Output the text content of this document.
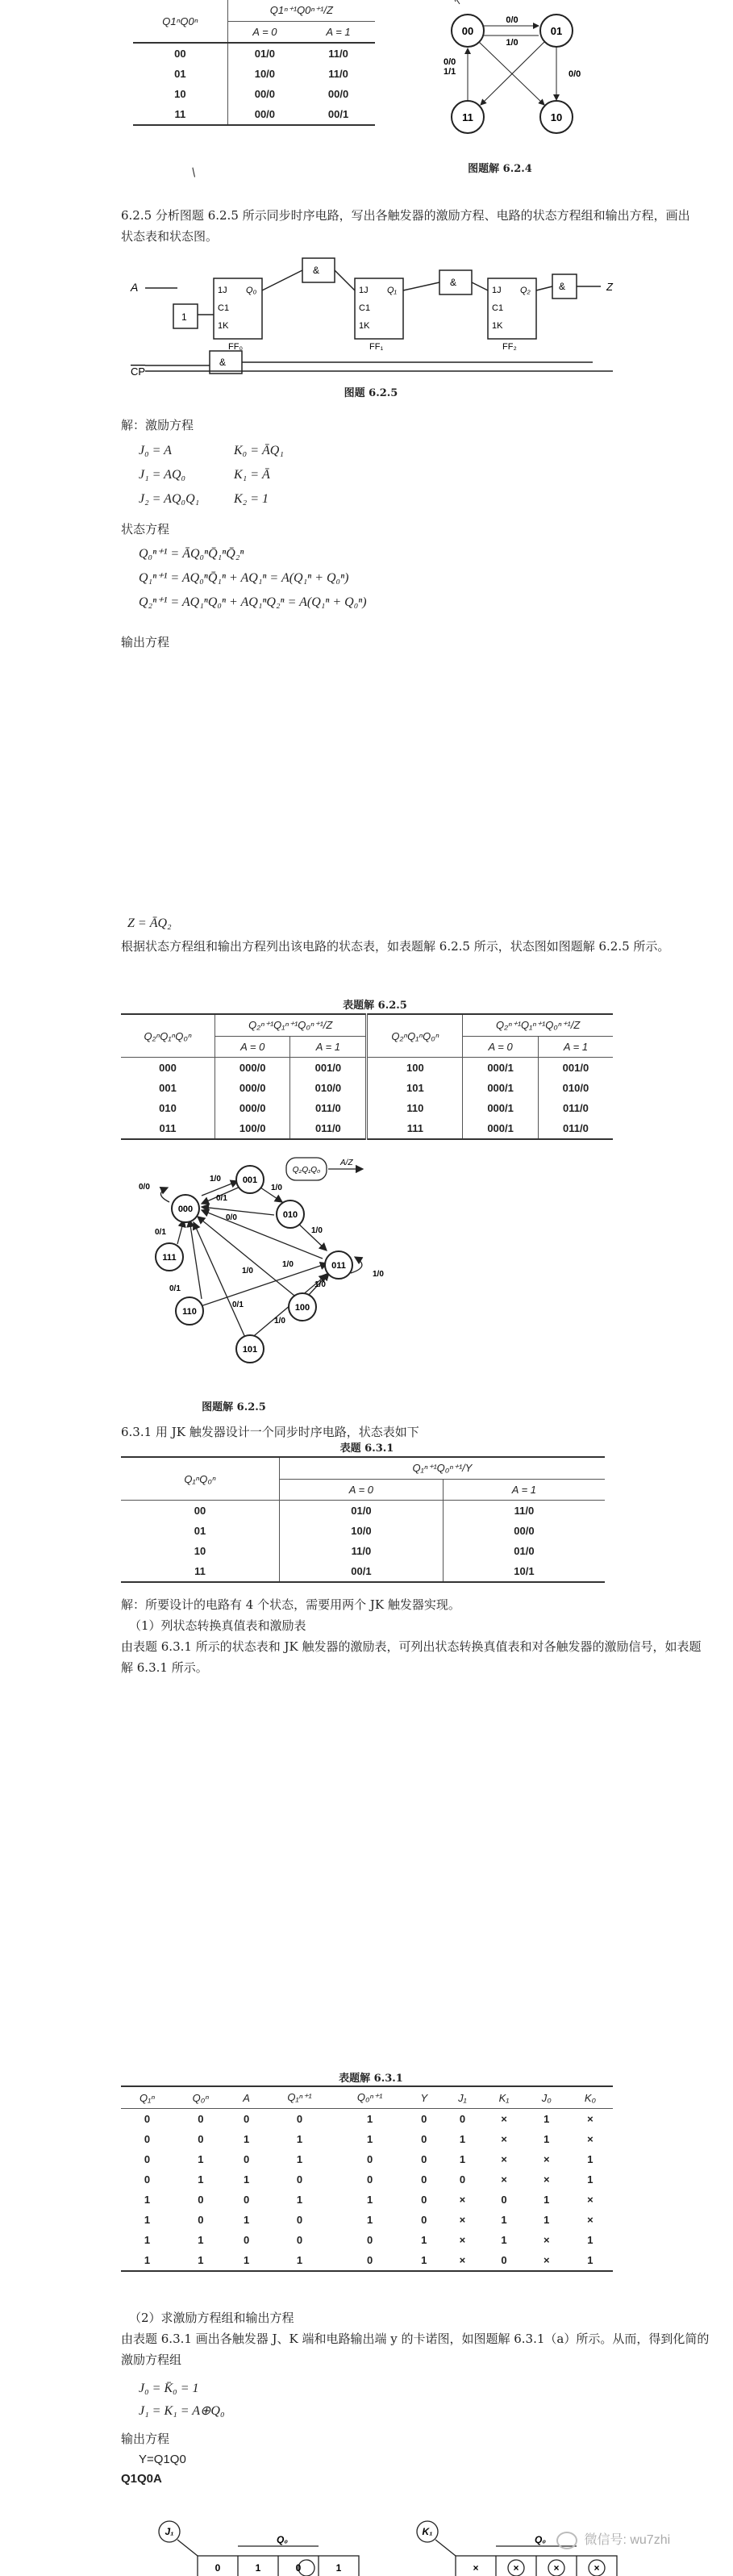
Q1ⁿQ0ⁿ	Q1ⁿ⁺¹Q0ⁿ⁺¹/Z	
	A = 0	A = 1
00	01/0	11/0
01	10/0	11/0
10	00/0	00/0
11	00/0	00/1
/
00	01
11	10
0/0
1/0
0/0
1/1
0/0
图题解 6.2.4
6.2.5 分析图题 6.2.5 所示同步时序电路，写出各触发器的激励方程、电路的状态方程组和输出方程，画出状态表和状态图。
A
CP
Z
1
&
&	&
&
1J
C1
1K
1J
C1
1K
1J
C1
1K
Q₀	Q₁	Q₂
FF₀	FF₁	FF₂
图题 6.2.5
解：激励方程
J₀ = A	K₀ = ĀQ₁
J₁ = AQ₀	K₁ = Ā
J₂ = AQ₀Q₁	K₂ = 1
状态方程
Q₀ⁿ⁺¹ = ĀQ₀ⁿQ̄₁ⁿQ̄₂ⁿ
Q₁ⁿ⁺¹ = AQ₀ⁿQ̄₁ⁿ + AQ₁ⁿ = A(Q₁ⁿ + Q₀ⁿ)
Q₂ⁿ⁺¹ = AQ₁ⁿQ₀ⁿ + AQ₁ⁿQ₂ⁿ = A(Q₁ⁿ + Q₀ⁿ)
输出方程
Z = ĀQ₂
根据状态方程组和输出方程列出该电路的状态表，如表题解 6.2.5 所示，状态图如图题解 6.2.5 所示。
表题解 6.2.5
Q₂ⁿQ₁ⁿQ₀ⁿ	Q₂ⁿ⁺¹Q₁ⁿ⁺¹Q₀ⁿ⁺¹/Z		Q₂ⁿQ₁ⁿQ₀ⁿ	Q₂ⁿ⁺¹Q₁ⁿ⁺¹Q₀ⁿ⁺¹/Z	
	A = 0	A = 1		A = 0	A = 1
000	000/0	001/0	100	000/1	001/0
001	000/0	010/0	101	000/1	010/0
010	000/0	011/0	110	000/1	011/0
011	100/0	011/0	111	000/1	011/0
000
001
010
011
111
110	100
101
Q₂Q₁Q₀
A/Z
0/0
1/0
1/0
0/1
1/0
0/0
0/1
1/0
1/0
1/0
0/1
0/1
1/0
1/0
图题解 6.2.5
6.3.1 用 JK 触发器设计一个同步时序电路，状态表如下
表题 6.3.1
Q₁ⁿQ₀ⁿ	Q₁ⁿ⁺¹Q₀ⁿ⁺¹/Y	
	A = 0	A = 1
00	01/0	11/0
01	10/0	00/0
10	11/0	01/0
11	00/1	10/1
解：所要设计的电路有 4 个状态，需要用两个 JK 触发器实现。
（1）列状态转换真值表和激励表
由表题 6.3.1 所示的状态表和 JK 触发器的激励表，可列出状态转换真值表和对各触发器的激励信号，如表题解 6.3.1 所示。
表题解 6.3.1
Q₁ⁿ	Q₀ⁿ	A	Q₁ⁿ⁺¹	Q₀ⁿ⁺¹	Y	J₁	K₁	J₀	K₀
0	0	0	0	1	0	0	×	1	×
0	0	1	1	1	0	1	×	1	×
0	1	0	1	0	0	1	×	×	1
0	1	1	0	0	0	0	×	×	1
1	0	0	1	1	0	×	0	1	×
1	0	1	0	1	0	×	1	1	×
1	1	0	0	0	1	×	1	×	1
1	1	1	1	0	1	×	0	×	1
（2）求激励方程组和输出方程
由表题 6.3.1 画出各触发器 J、K 端和电路输出端 y 的卡诺图，如图题解 6.3.1（a）所示。从而，得到化简的激励方程组
J₀ = K̄₀ = 1
J₁ = K₁ = A⊕Q₀
输出方程
Y=Q1Q0
Q1Q0A
J₁
Q₀
0	1	0	1
K₁
Q₀
×	×	×	×
微信号: wu7zhi
